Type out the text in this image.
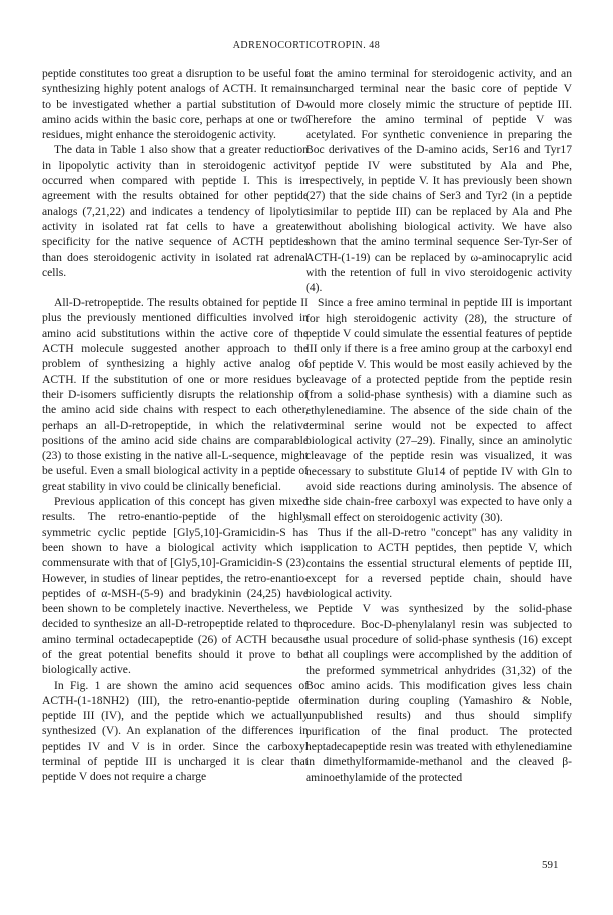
ADRENOCORTICOTROPIN. 48

peptide constitutes too great a disruption to be useful for synthesizing highly potent analogs of ACTH. It remains to be investigated whether a partial substitution of D-amino acids within the basic core, perhaps at one or two residues, might enhance the steroidogenic activity.

The data in Table 1 also show that a greater reduction in lipopolytic activity than in steroidogenic activity occurred when compared with peptide I. This is in agreement with the results obtained for other peptide analogs (7,21,22) and indicates a tendency of lipolytic activity in isolated rat fat cells to have a greater specificity for the native sequence of ACTH peptides than does steroidogenic activity in isolated rat adrenal cells.

All-D-retropeptide. The results obtained for peptide II plus the previously mentioned difficulties involved in amino acid substitutions within the active core of the ACTH molecule suggested another approach to the problem of synthesizing a highly active analog of ACTH. If the substitution of one or more residues by their D-isomers sufficiently disrupts the relationship of the amino acid side chains with respect to each other, perhaps an all-D-retropeptide, in which the relative positions of the amino acid side chains are comparable (23) to those existing in the native all-L-sequence, might be useful. Even a small biological activity in a peptide of great stability in vivo could be clinically beneficial.

Previous application of this concept has given mixed results. The retro-enantio-peptide of the highly symmetric cyclic peptide [Gly5,10]-Gramicidin-S has been shown to have a biological activity which is commensurate with that of [Gly5,10]-Gramicidin-S (23). However, in studies of linear peptides, the retro-enantio-peptides of α-MSH-(5-9) and bradykinin (24,25) have been shown to be completely inactive. Nevertheless, we decided to synthesize an all-D-retropeptide related to the amino terminal octadecapeptide (26) of ACTH because of the great potential benefits should it prove to be biologically active.

In Fig. 1 are shown the amino acid sequences of ACTH-(1-18NH2) (III), the retro-enantio-peptide of peptide III (IV), and the peptide which we actually synthesized (V). An explanation of the differences in peptides IV and V is in order. Since the carboxyl terminal of peptide III is uncharged it is clear that peptide V does not require a charge

at the amino terminal for steroidogenic activity, and an uncharged terminal near the basic core of peptide V would more closely mimic the structure of peptide III. Therefore the amino terminal of peptide V was acetylated. For synthetic convenience in preparing the Boc derivatives of the D-amino acids, Ser16 and Tyr17 of peptide IV were substituted by Ala and Phe, respectively, in peptide V. It has previously been shown (27) that the side chains of Ser3 and Tyr2 (in a peptide similar to peptide III) can be replaced by Ala and Phe without abolishing biological activity. We have also shown that the amino terminal sequence Ser-Tyr-Ser of ACTH-(1-19) can be replaced by ω-aminocaprylic acid with the retention of full in vivo steroidogenic activity (4).

Since a free amino terminal in peptide III is important for high steroidogenic activity (28), the structure of peptide V could simulate the essential features of peptide III only if there is a free amino group at the carboxyl end of peptide V. This would be most easily achieved by the cleavage of a protected peptide from the peptide resin (from a solid-phase synthesis) with a diamine such as ethylenediamine. The absence of the side chain of the terminal serine would not be expected to affect biological activity (27–29). Finally, since an aminolytic cleavage of the peptide resin was visualized, it was necessary to substitute Glu14 of peptide IV with Gln to avoid side reactions during aminolysis. The absence of the side chain-free carboxyl was expected to have only a small effect on steroidogenic activity (30).

Thus if the all-D-retro "concept" has any validity in application to ACTH peptides, then peptide V, which contains the essential structural elements of peptide III, except for a reversed peptide chain, should have biological activity.

Peptide V was synthesized by the solid-phase procedure. Boc-D-phenylalanyl resin was subjected to the usual procedure of solid-phase synthesis (16) except that all couplings were accomplished by the addition of the preformed symmetrical anhydrides (31,32) of the Boc amino acids. This modification gives less chain termination during coupling (Yamashiro & Noble, unpublished results) and thus should simplify purification of the final product. The protected heptadecapeptide resin was treated with ethylenediamine in dimethylformamide-methanol and the cleaved β-aminoethylamide of the protected

591
